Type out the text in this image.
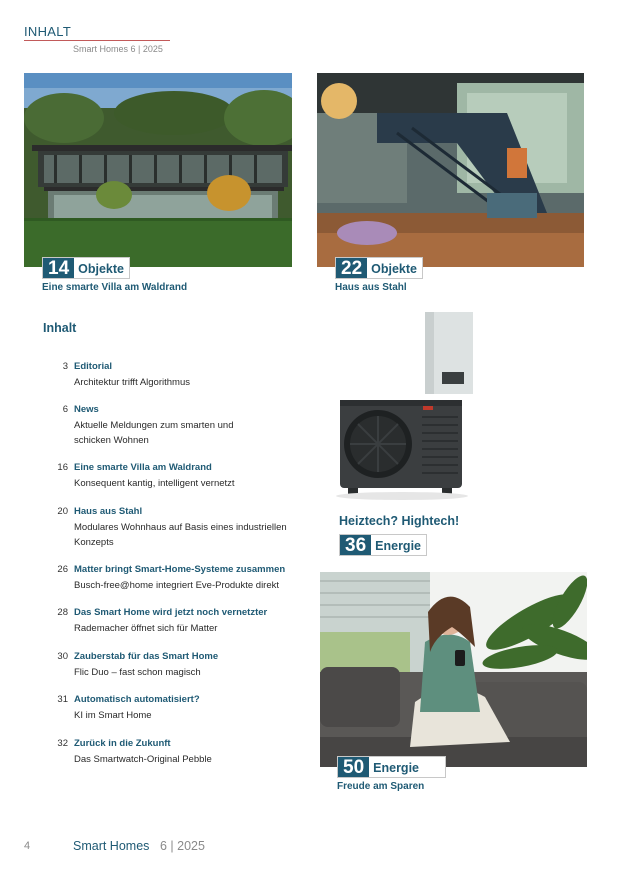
INHALT
Smart Homes 6 | 2025
14 Objekte
Eine smarte Villa am Waldrand
22 Objekte
Haus aus Stahl
Inhalt
3 Editorial
Architektur trifft Algorithmus
6 News
Aktuelle Meldungen zum smarten und schicken Wohnen
16 Eine smarte Villa am Waldrand
Konsequent kantig, intelligent vernetzt
20 Haus aus Stahl
Modulares Wohnhaus auf Basis eines industriellen Konzepts
26 Matter bringt Smart-Home-Systeme zusammen
Busch-free@home integriert Eve-Produkte direkt
28 Das Smart Home wird jetzt noch vernetzter
Rademacher öffnet sich für Matter
30 Zauberstab für das Smart Home
Flic Duo – fast schon magisch
31 Automatisch automatisiert?
KI im Smart Home
32 Zurück in die Zukunft
Das Smartwatch-Original Pebble
Heiztech? Hightech!
36 Energie
50 Energie
Freude am Sparen
4	Smart Homes 6 | 2025
